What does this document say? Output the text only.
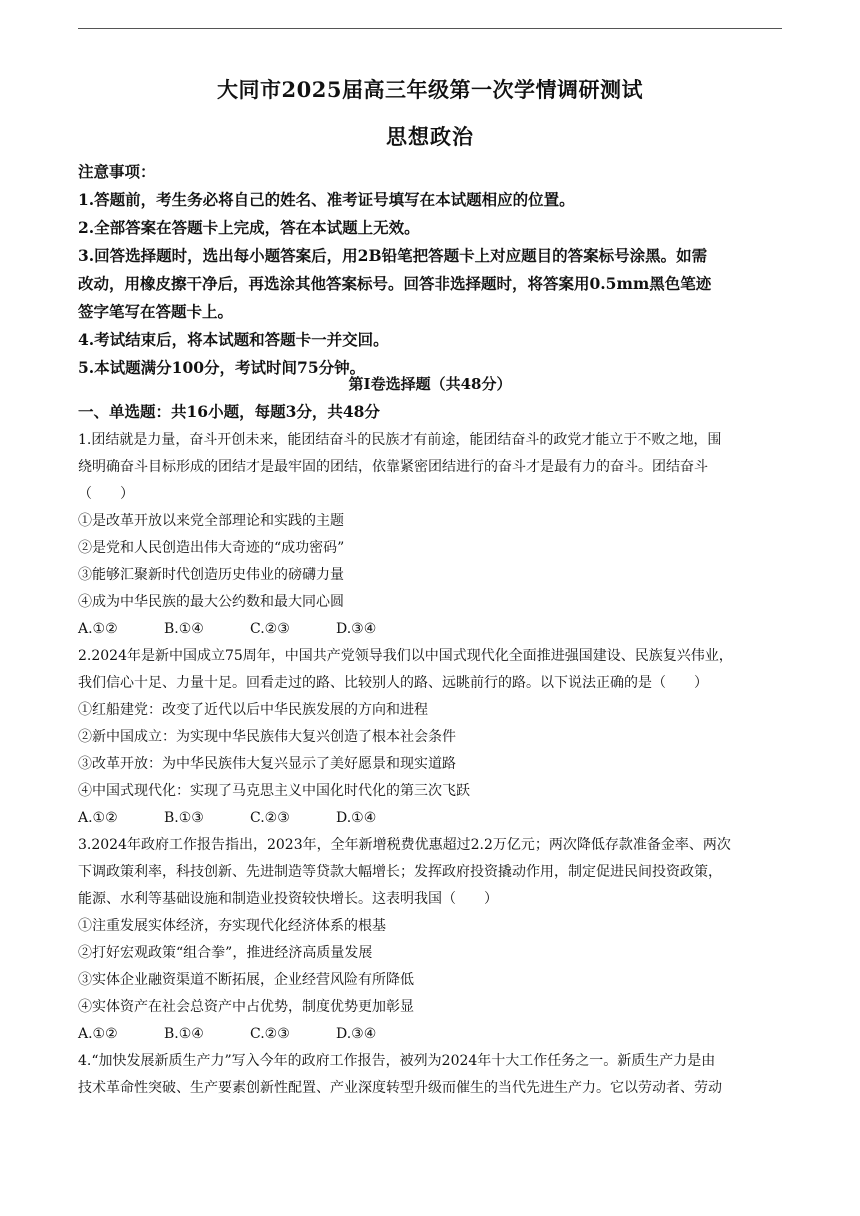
大同市2025届高三年级第一次学情调研测试
思想政治

注意事项：

1.答题前，考生务必将自己的姓名、准考证号填写在本试题相应的位置。

2.全部答案在答题卡上完成，答在本试题上无效。

3.回答选择题时，选出每小题答案后，用2B铅笔把答题卡上对应题目的答案标号涂黑。如需

改动，用橡皮擦干净后，再选涂其他答案标号。回答非选择题时，将答案用0.5mm黑色笔迹

签字笔写在答题卡上。

4.考试结束后，将本试题和答题卡一并交回。

5.本试题满分100分，考试时间75分钟。

第Ⅰ卷选择题（共48分）
一、单选题：共16小题，每题3分，共48分

1.团结就是力量，奋斗开创未来，能团结奋斗的民族才有前途，能团结奋斗的政党才能立于不败之地，围

绕明确奋斗目标形成的团结才是最牢固的团结，依靠紧密团结进行的奋斗才是最有力的奋斗。团结奋斗

（　　）

①是改革开放以来党全部理论和实践的主题

②是党和人民创造出伟大奇迹的“成功密码”

③能够汇聚新时代创造历史伟业的磅礴力量

④成为中华民族的最大公约数和最大同心圆

A.①②	B.①④	C.②③	D.③④

2.2024年是新中国成立75周年，中国共产党领导我们以中国式现代化全面推进强国建设、民族复兴伟业，

我们信心十足、力量十足。回看走过的路、比较别人的路、远眺前行的路。以下说法正确的是（　　）

①红船建党：改变了近代以后中华民族发展的方向和进程

②新中国成立：为实现中华民族伟大复兴创造了根本社会条件

③改革开放：为中华民族伟大复兴显示了美好愿景和现实道路

④中国式现代化：实现了马克思主义中国化时代化的第三次飞跃

A.①②	B.①③	C.②③	D.①④

3.2024年政府工作报告指出，2023年，全年新增税费优惠超过2.2万亿元；两次降低存款准备金率、两次

下调政策利率，科技创新、先进制造等贷款大幅增长；发挥政府投资撬动作用，制定促进民间投资政策，

能源、水利等基础设施和制造业投资较快增长。这表明我国（　　）

①注重发展实体经济，夯实现代化经济体系的根基

②打好宏观政策“组合拳”，推进经济高质量发展

③实体企业融资渠道不断拓展，企业经营风险有所降低

④实体资产在社会总资产中占优势，制度优势更加彰显

A.①②	B.①④	C.②③	D.③④

4.“加快发展新质生产力”写入今年的政府工作报告，被列为2024年十大工作任务之一。新质生产力是由

技术革命性突破、生产要素创新性配置、产业深度转型升级而催生的当代先进生产力。它以劳动者、劳动
